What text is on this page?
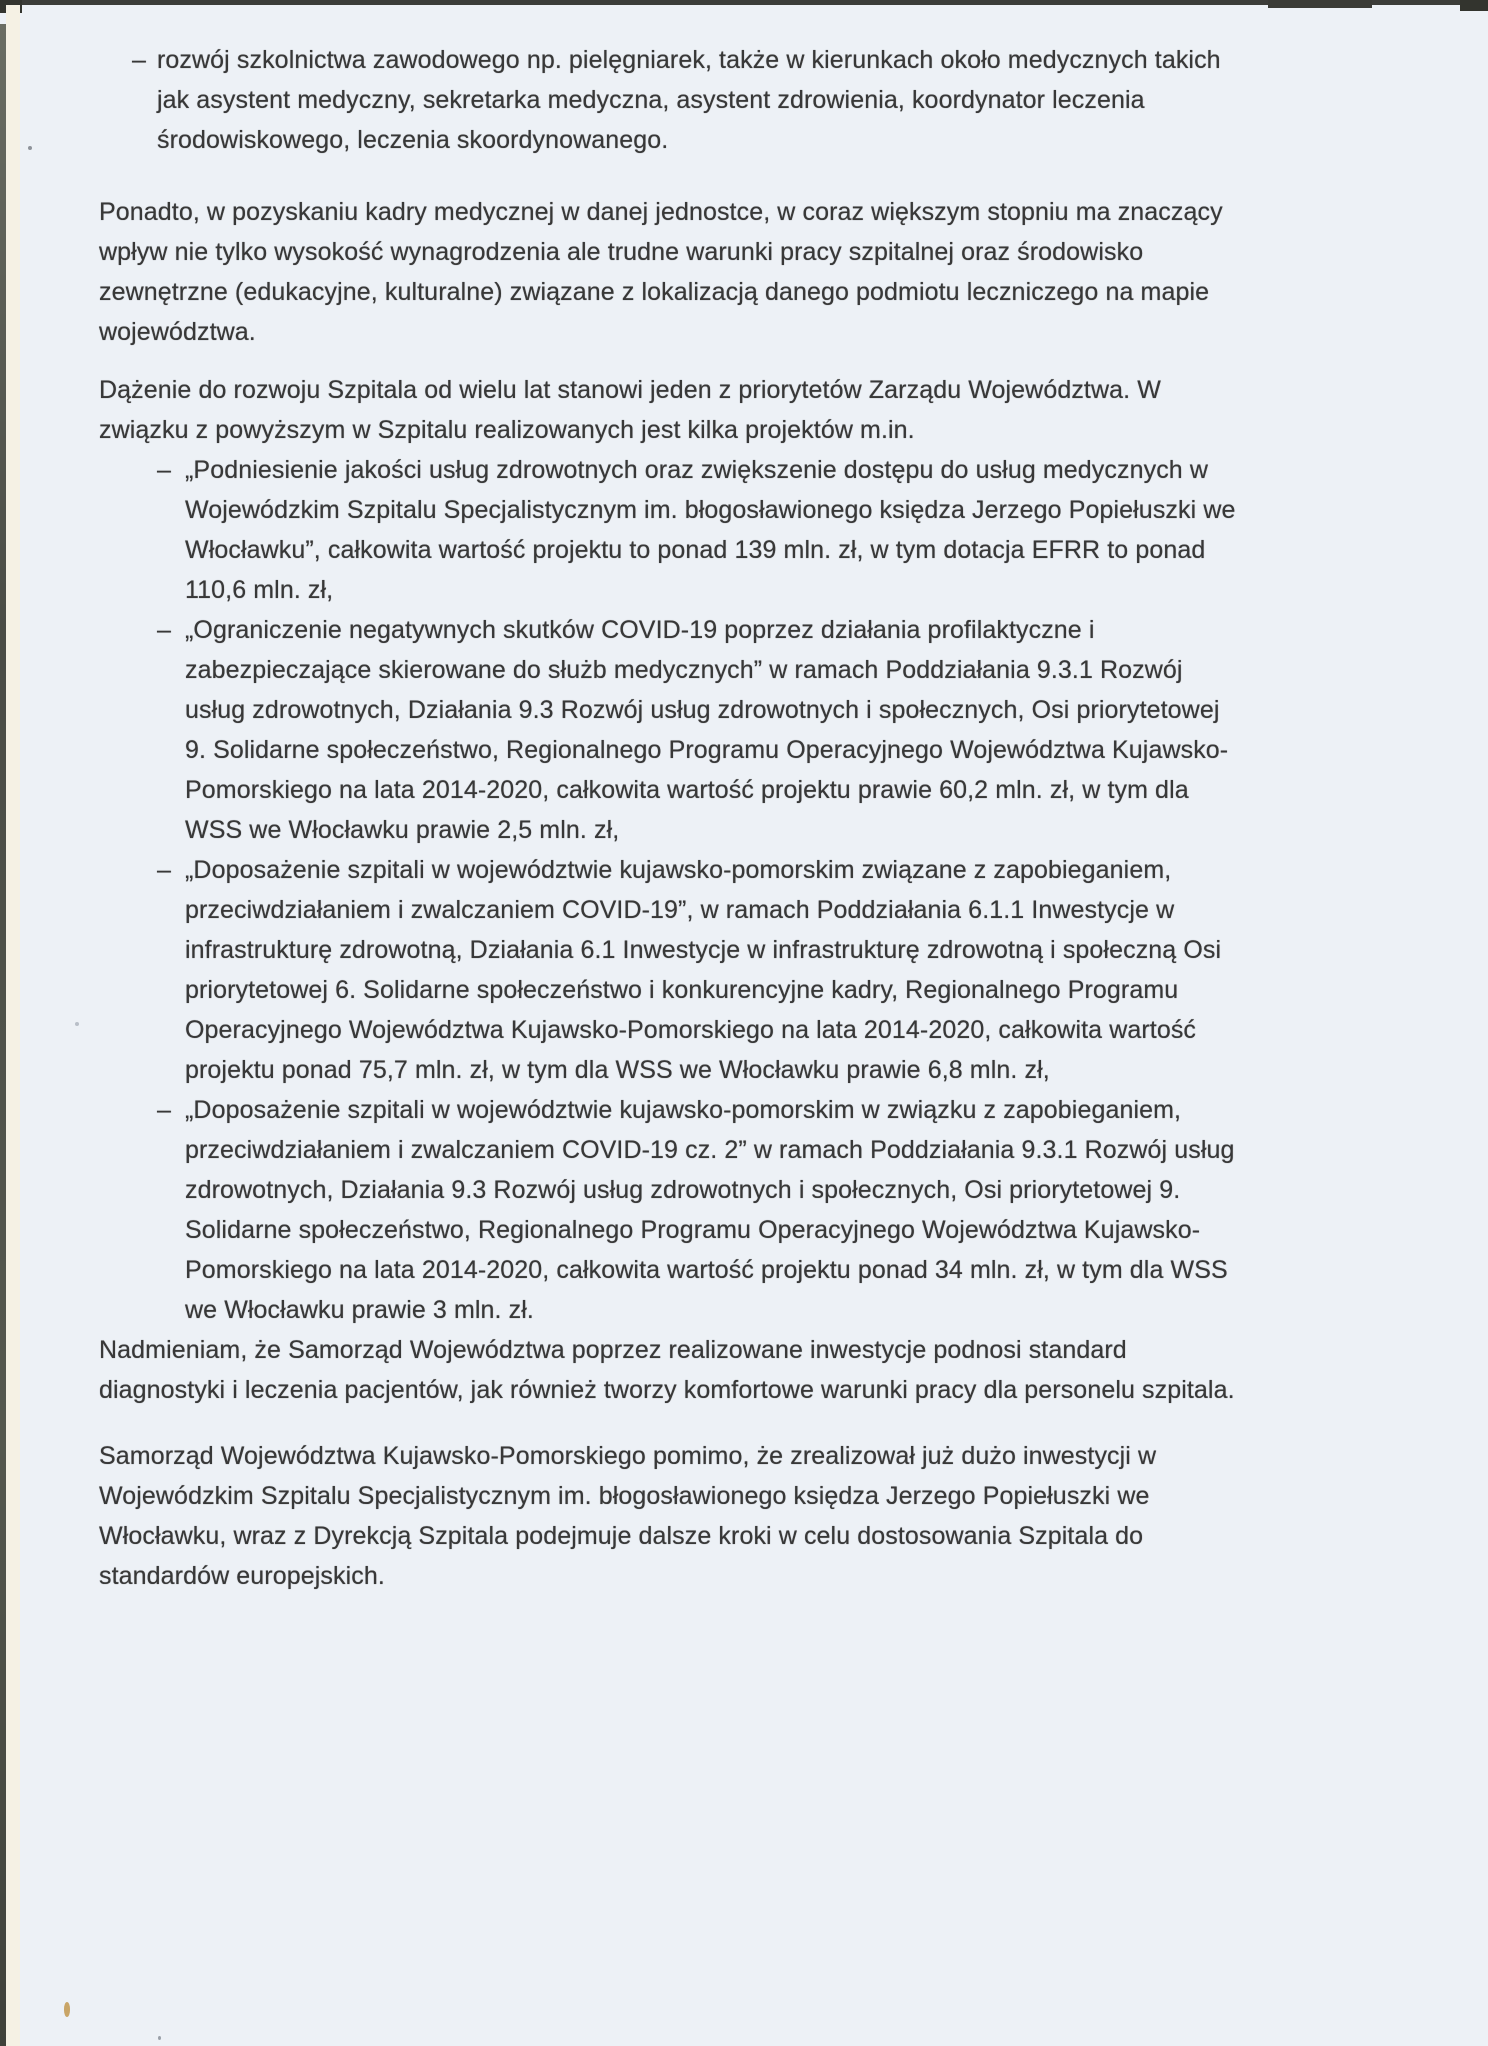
– rozwój szkolnictwa zawodowego np. pielęgniarek, także w kierunkach około medycznych takich jak asystent medyczny, sekretarka medyczna, asystent zdrowienia, koordynator leczenia środowiskowego, leczenia skoordynowanego.

Ponadto, w pozyskaniu kadry medycznej w danej jednostce, w coraz większym stopniu ma znaczący wpływ nie tylko wysokość wynagrodzenia ale trudne warunki pracy szpitalnej oraz środowisko zewnętrzne (edukacyjne, kulturalne) związane z lokalizacją danego podmiotu leczniczego na mapie województwa.

Dążenie do rozwoju Szpitala od wielu lat stanowi jeden z priorytetów Zarządu Województwa. W związku z powyższym w Szpitalu realizowanych jest kilka projektów m.in.

– „Podniesienie jakości usług zdrowotnych oraz zwiększenie dostępu do usług medycznych w Wojewódzkim Szpitalu Specjalistycznym im. błogosławionego księdza Jerzego Popiełuszki we Włocławku”, całkowita wartość projektu to ponad 139 mln. zł, w tym dotacja EFRR to ponad 110,6 mln. zł,
– „Ograniczenie negatywnych skutków COVID-19 poprzez działania profilaktyczne i zabezpieczające skierowane do służb medycznych” w ramach Poddziałania 9.3.1 Rozwój usług zdrowotnych, Działania 9.3 Rozwój usług zdrowotnych i społecznych, Osi priorytetowej 9. Solidarne społeczeństwo, Regionalnego Programu Operacyjnego Województwa Kujawsko-Pomorskiego na lata 2014-2020, całkowita wartość projektu prawie 60,2 mln. zł, w tym dla WSS we Włocławku prawie 2,5 mln. zł,
– „Doposażenie szpitali w województwie kujawsko-pomorskim związane z zapobieganiem, przeciwdziałaniem i zwalczaniem COVID-19”, w ramach Poddziałania 6.1.1 Inwestycje w infrastrukturę zdrowotną, Działania 6.1 Inwestycje w infrastrukturę zdrowotną i społeczną Osi priorytetowej 6. Solidarne społeczeństwo i konkurencyjne kadry, Regionalnego Programu Operacyjnego Województwa Kujawsko-Pomorskiego na lata 2014-2020, całkowita wartość projektu ponad 75,7 mln. zł, w tym dla WSS we Włocławku prawie 6,8 mln. zł,
– „Doposażenie szpitali w województwie kujawsko-pomorskim w związku z zapobieganiem, przeciwdziałaniem i zwalczaniem COVID-19 cz. 2” w ramach Poddziałania 9.3.1 Rozwój usług zdrowotnych, Działania 9.3 Rozwój usług zdrowotnych i społecznych, Osi priorytetowej 9. Solidarne społeczeństwo, Regionalnego Programu Operacyjnego Województwa Kujawsko-Pomorskiego na lata 2014-2020, całkowita wartość projektu ponad 34 mln. zł, w tym dla WSS we Włocławku prawie 3 mln. zł.

Nadmieniam, że Samorząd Województwa poprzez realizowane inwestycje podnosi standard diagnostyki i leczenia pacjentów, jak również tworzy komfortowe warunki pracy dla personelu szpitala.

Samorząd Województwa Kujawsko-Pomorskiego pomimo, że zrealizował już dużo inwestycji w Wojewódzkim Szpitalu Specjalistycznym im. błogosławionego księdza Jerzego Popiełuszki we Włocławku, wraz z Dyrekcją Szpitala podejmuje dalsze kroki w celu dostosowania Szpitala do standardów europejskich.
